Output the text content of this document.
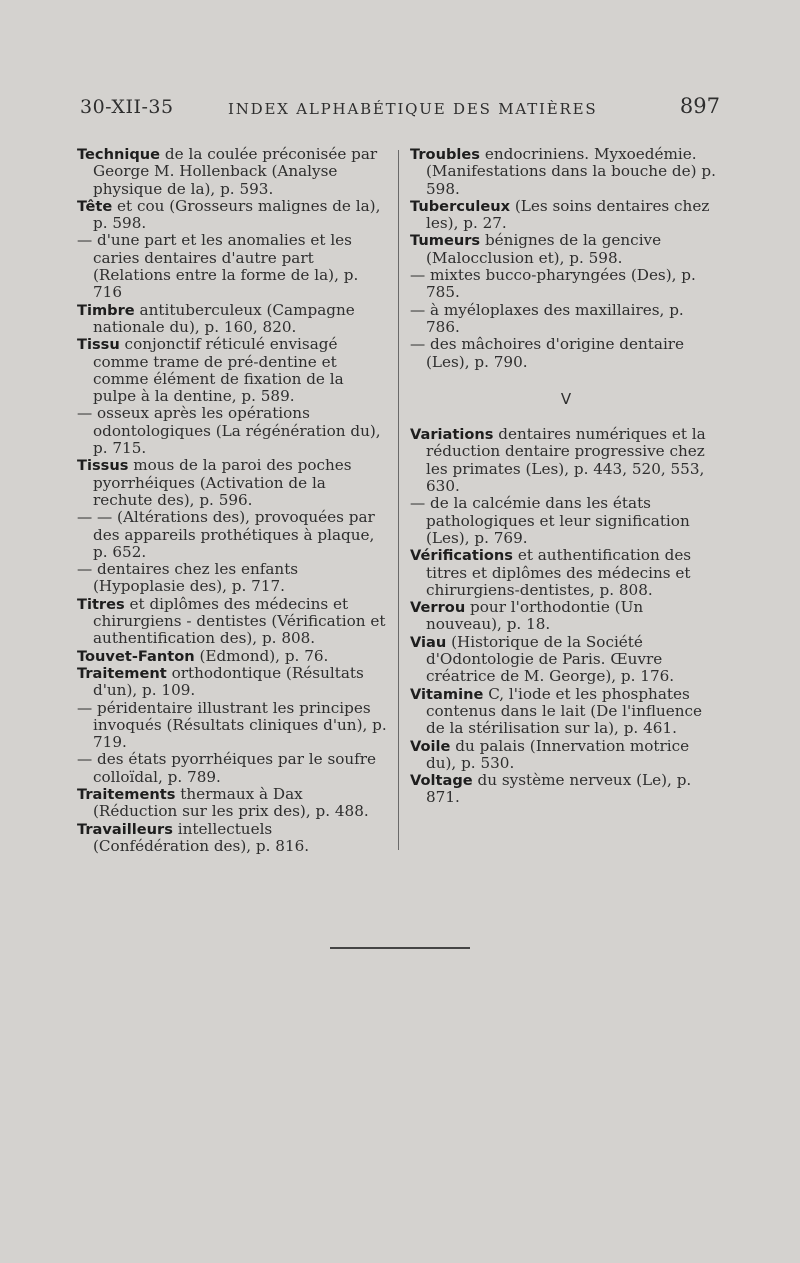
30-XII-35	INDEX ALPHABÉTIQUE DES MATIÈRES	897

Technique de la coulée préconisée par George M. Hollenback (Analyse physique de la), p. 593.

Tête et cou (Grosseurs malignes de la), p. 598.

— d'une part et les anomalies et les caries dentaires d'autre part (Relations entre la forme de la), p. 716

Timbre antituberculeux (Campagne nationale du), p. 160, 820.

Tissu conjonctif réticulé envisagé comme trame de pré-dentine et comme élément de fixation de la pulpe à la dentine, p. 589.

— osseux après les opérations odontologiques (La régénération du), p. 715.

Tissus mous de la paroi des poches pyorrhéiques (Activation de la rechute des), p. 596.

— — (Altérations des), provoquées par des appareils prothétiques à plaque, p. 652.

— dentaires chez les enfants (Hypoplasie des), p. 717.

Titres et diplômes des médecins et chirurgiens - dentistes (Vérification et authentification des), p. 808.

Touvet-Fanton (Edmond), p. 76.

Traitement orthodontique (Résultats d'un), p. 109.

— péridentaire illustrant les principes invoqués (Résultats cliniques d'un), p. 719.

— des états pyorrhéiques par le soufre colloïdal, p. 789.

Traitements thermaux à Dax (Réduction sur les prix des), p. 488.

Travailleurs intellectuels (Confédération des), p. 816.

Troubles endocriniens. Myxoedémie. (Manifestations dans la bouche de) p. 598.

Tuberculeux (Les soins dentaires chez les), p. 27.

Tumeurs bénignes de la gencive (Malocclusion et), p. 598.

— mixtes bucco-pharyngées (Des), p. 785.

— à myéloplaxes des maxillaires, p. 786.

— des mâchoires d'origine dentaire (Les), p. 790.

V

Variations dentaires numériques et la réduction dentaire progressive chez les primates (Les), p. 443, 520, 553, 630.

— de la calcémie dans les états pathologiques et leur signification (Les), p. 769.

Vérifications et authentification des titres et diplômes des médecins et chirurgiens-dentistes, p. 808.

Verrou pour l'orthodontie (Un nouveau), p. 18.

Viau (Historique de la Société d'Odontologie de Paris. Œuvre créatrice de M. George), p. 176.

Vitamine C, l'iode et les phosphates contenus dans le lait (De l'influence de la stérilisation sur la), p. 461.

Voile du palais (Innervation motrice du), p. 530.

Voltage du système nerveux (Le), p. 871.
